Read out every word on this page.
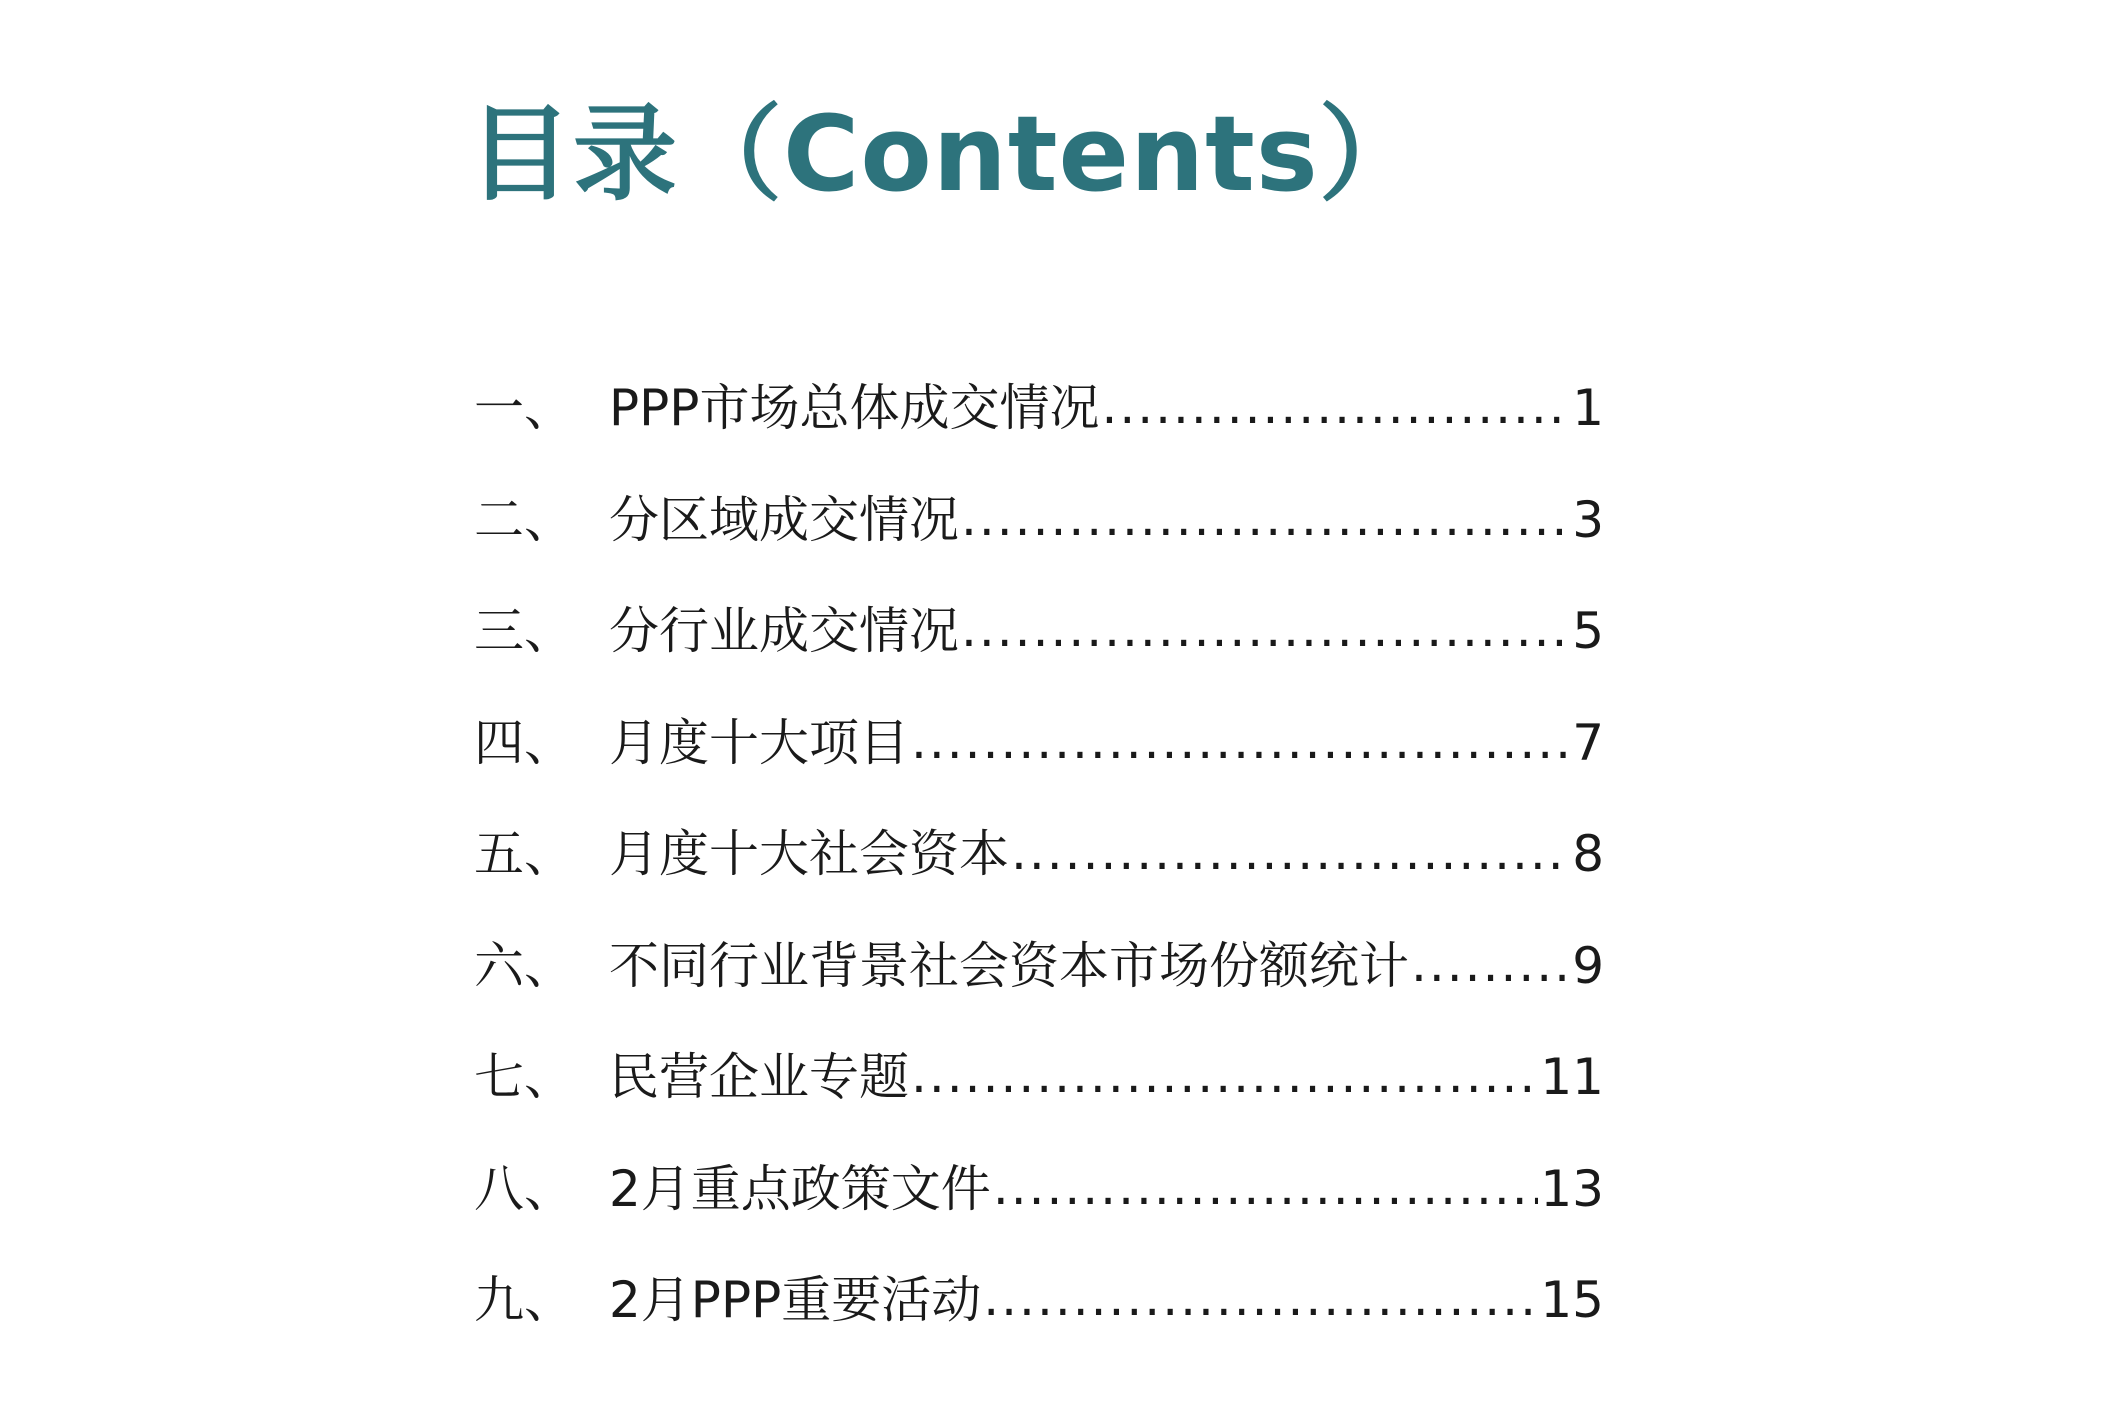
目录（Contents）
一、 PPP市场总体成交情况 .....	1
二、 分区域成交情况 .....	3
三、 分行业成交情况 .....	5
四、 月度十大项目 .....	7
五、 月度十大社会资本 .....	8
六、 不同行业背景社会资本市场份额统计 .....	9
七、 民营企业专题 .....	11
八、 2月重点政策文件 .....	13
九、 2月PPP重要活动 .....	15
